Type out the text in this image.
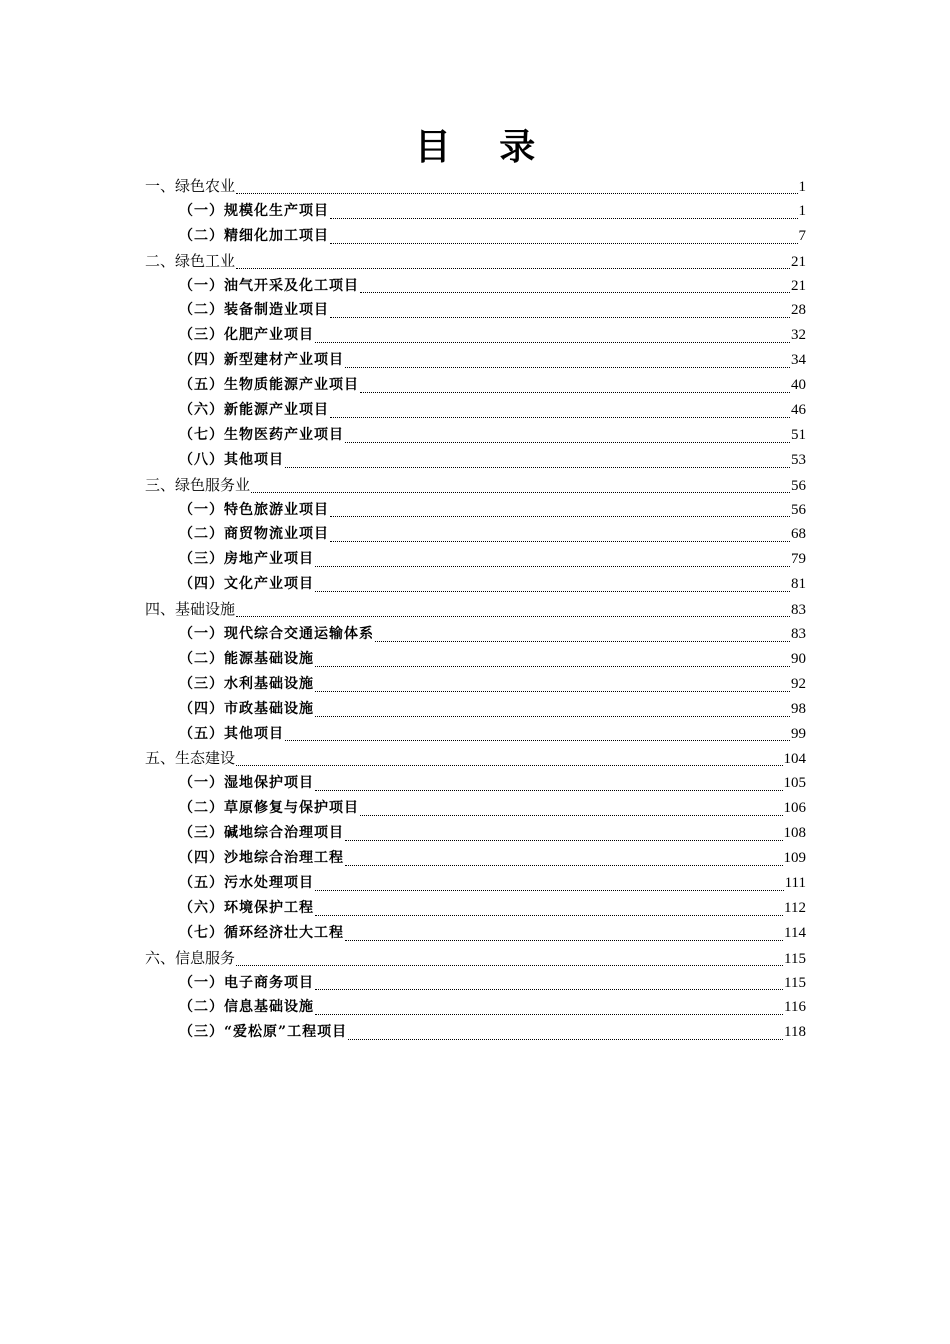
目 录
一、绿色农业	1
（一）规模化生产项目	1
（二）精细化加工项目	7
二、绿色工业	21
（一）油气开采及化工项目	21
（二）装备制造业项目	28
（三）化肥产业项目	32
（四）新型建材产业项目	34
（五）生物质能源产业项目	40
（六）新能源产业项目	46
（七）生物医药产业项目	51
（八）其他项目	53
三、绿色服务业	56
（一）特色旅游业项目	56
（二）商贸物流业项目	68
（三）房地产业项目	79
（四）文化产业项目	81
四、基础设施	83
（一）现代综合交通运输体系	83
（二）能源基础设施	90
（三）水利基础设施	92
（四）市政基础设施	98
（五）其他项目	99
五、生态建设	104
（一）湿地保护项目	105
（二）草原修复与保护项目	106
（三）碱地综合治理项目	108
（四）沙地综合治理工程	109
（五）污水处理项目	111
（六）环境保护工程	112
（七）循环经济壮大工程	114
六、信息服务	115
（一）电子商务项目	115
（二）信息基础设施	116
（三）“爱松原”工程项目	118
